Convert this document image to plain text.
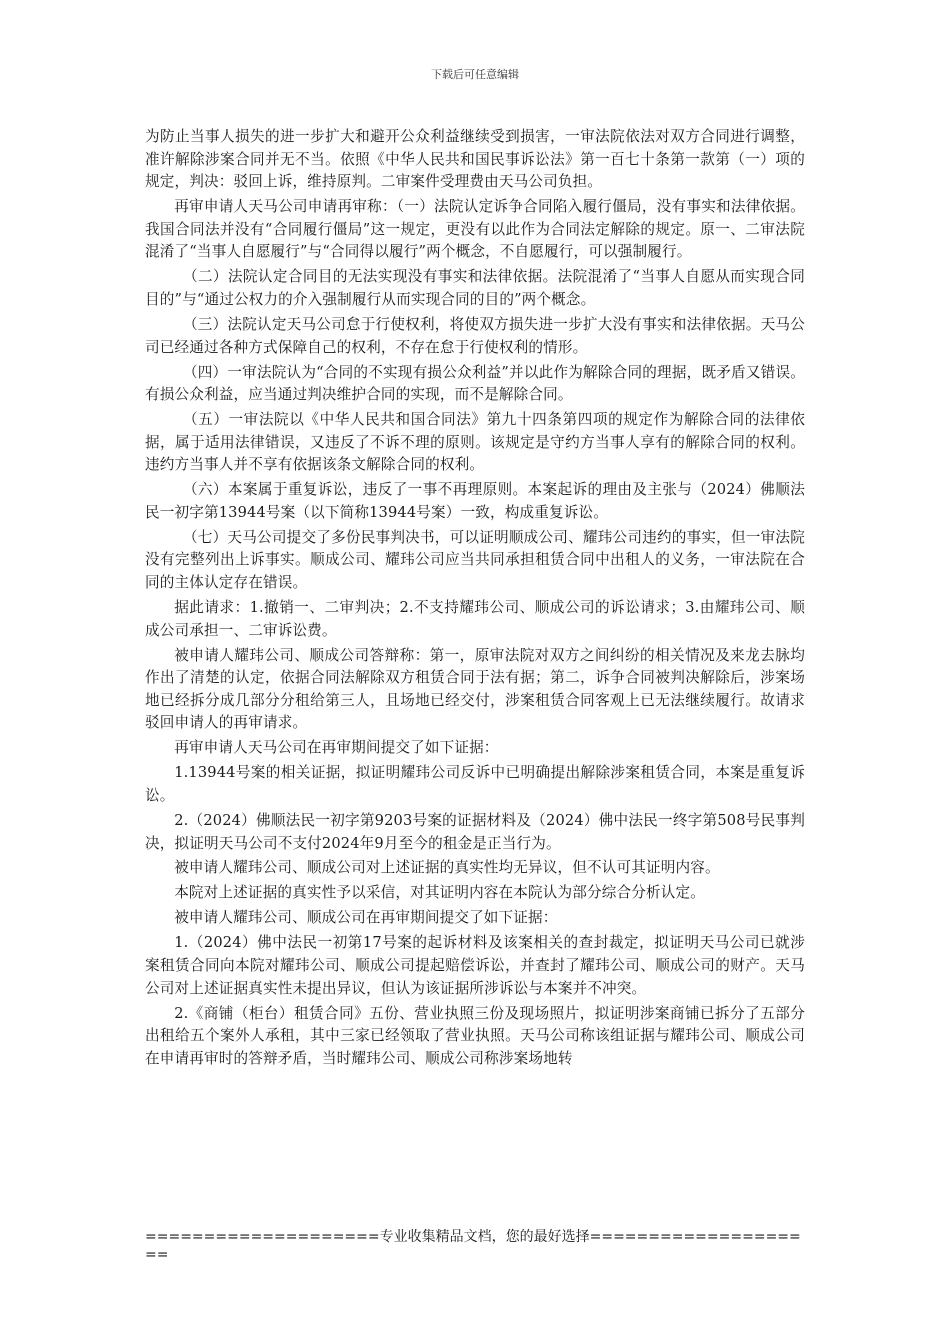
下载后可任意编辑

为防止当事人损失的进一步扩大和避开公众利益继续受到损害，一审法院依法对双方合同进行调整，准许解除涉案合同并无不当。依照《中华人民共和国民事诉讼法》第一百七十条第一款第（一）项的规定，判决：驳回上诉，维持原判。二审案件受理费由天马公司负担。

再审申请人天马公司申请再审称：（一）法院认定诉争合同陷入履行僵局，没有事实和法律依据。我国合同法并没有“合同履行僵局”这一规定，更没有以此作为合同法定解除的规定。原一、二审法院混淆了“当事人自愿履行”与“合同得以履行”两个概念，不自愿履行，可以强制履行。

（二）法院认定合同目的无法实现没有事实和法律依据。法院混淆了“当事人自愿从而实现合同目的”与“通过公权力的介入强制履行从而实现合同的目的”两个概念。

（三）法院认定天马公司怠于行使权利，将使双方损失进一步扩大没有事实和法律依据。天马公司已经通过各种方式保障自己的权利，不存在怠于行使权利的情形。

（四）一审法院认为“合同的不实现有损公众利益”并以此作为解除合同的理据，既矛盾又错误。有损公众利益，应当通过判决维护合同的实现，而不是解除合同。

（五）一审法院以《中华人民共和国合同法》第九十四条第四项的规定作为解除合同的法律依据，属于适用法律错误，又违反了不诉不理的原则。该规定是守约方当事人享有的解除合同的权利。违约方当事人并不享有依据该条文解除合同的权利。

（六）本案属于重复诉讼，违反了一事不再理原则。本案起诉的理由及主张与（2024）佛顺法民一初字第13944号案（以下简称13944号案）一致，构成重复诉讼。

（七）天马公司提交了多份民事判决书，可以证明顺成公司、耀玮公司违约的事实，但一审法院没有完整列出上诉事实。顺成公司、耀玮公司应当共同承担租赁合同中出租人的义务，一审法院在合同的主体认定存在错误。

据此请求：1.撤销一、二审判决；2.不支持耀玮公司、顺成公司的诉讼请求；3.由耀玮公司、顺成公司承担一、二审诉讼费。

被申请人耀玮公司、顺成公司答辩称：第一，原审法院对双方之间纠纷的相关情况及来龙去脉均作出了清楚的认定，依据合同法解除双方租赁合同于法有据；第二，诉争合同被判决解除后，涉案场地已经拆分成几部分分租给第三人，且场地已经交付，涉案租赁合同客观上已无法继续履行。故请求驳回申请人的再审请求。

再审申请人天马公司在再审期间提交了如下证据：

1.13944号案的相关证据，拟证明耀玮公司反诉中已明确提出解除涉案租赁合同，本案是重复诉讼。

2.（2024）佛顺法民一初字第9203号案的证据材料及（2024）佛中法民一终字第508号民事判决，拟证明天马公司不支付2024年9月至今的租金是正当行为。

被申请人耀玮公司、顺成公司对上述证据的真实性均无异议，但不认可其证明内容。

本院对上述证据的真实性予以采信，对其证明内容在本院认为部分综合分析认定。

被申请人耀玮公司、顺成公司在再审期间提交了如下证据：

1.（2024）佛中法民一初第17号案的起诉材料及该案相关的查封裁定，拟证明天马公司已就涉案租赁合同向本院对耀玮公司、顺成公司提起赔偿诉讼，并查封了耀玮公司、顺成公司的财产。天马公司对上述证据真实性未提出异议，但认为该证据所涉诉讼与本案并不冲突。

2.《商铺（柜台）租赁合同》五份、营业执照三份及现场照片，拟证明涉案商铺已拆分了五部分出租给五个案外人承租，其中三家已经领取了营业执照。天马公司称该组证据与耀玮公司、顺成公司在申请再审时的答辩矛盾，当时耀玮公司、顺成公司称涉案场地转

====================专业收集精品文档，您的最好选择====================
